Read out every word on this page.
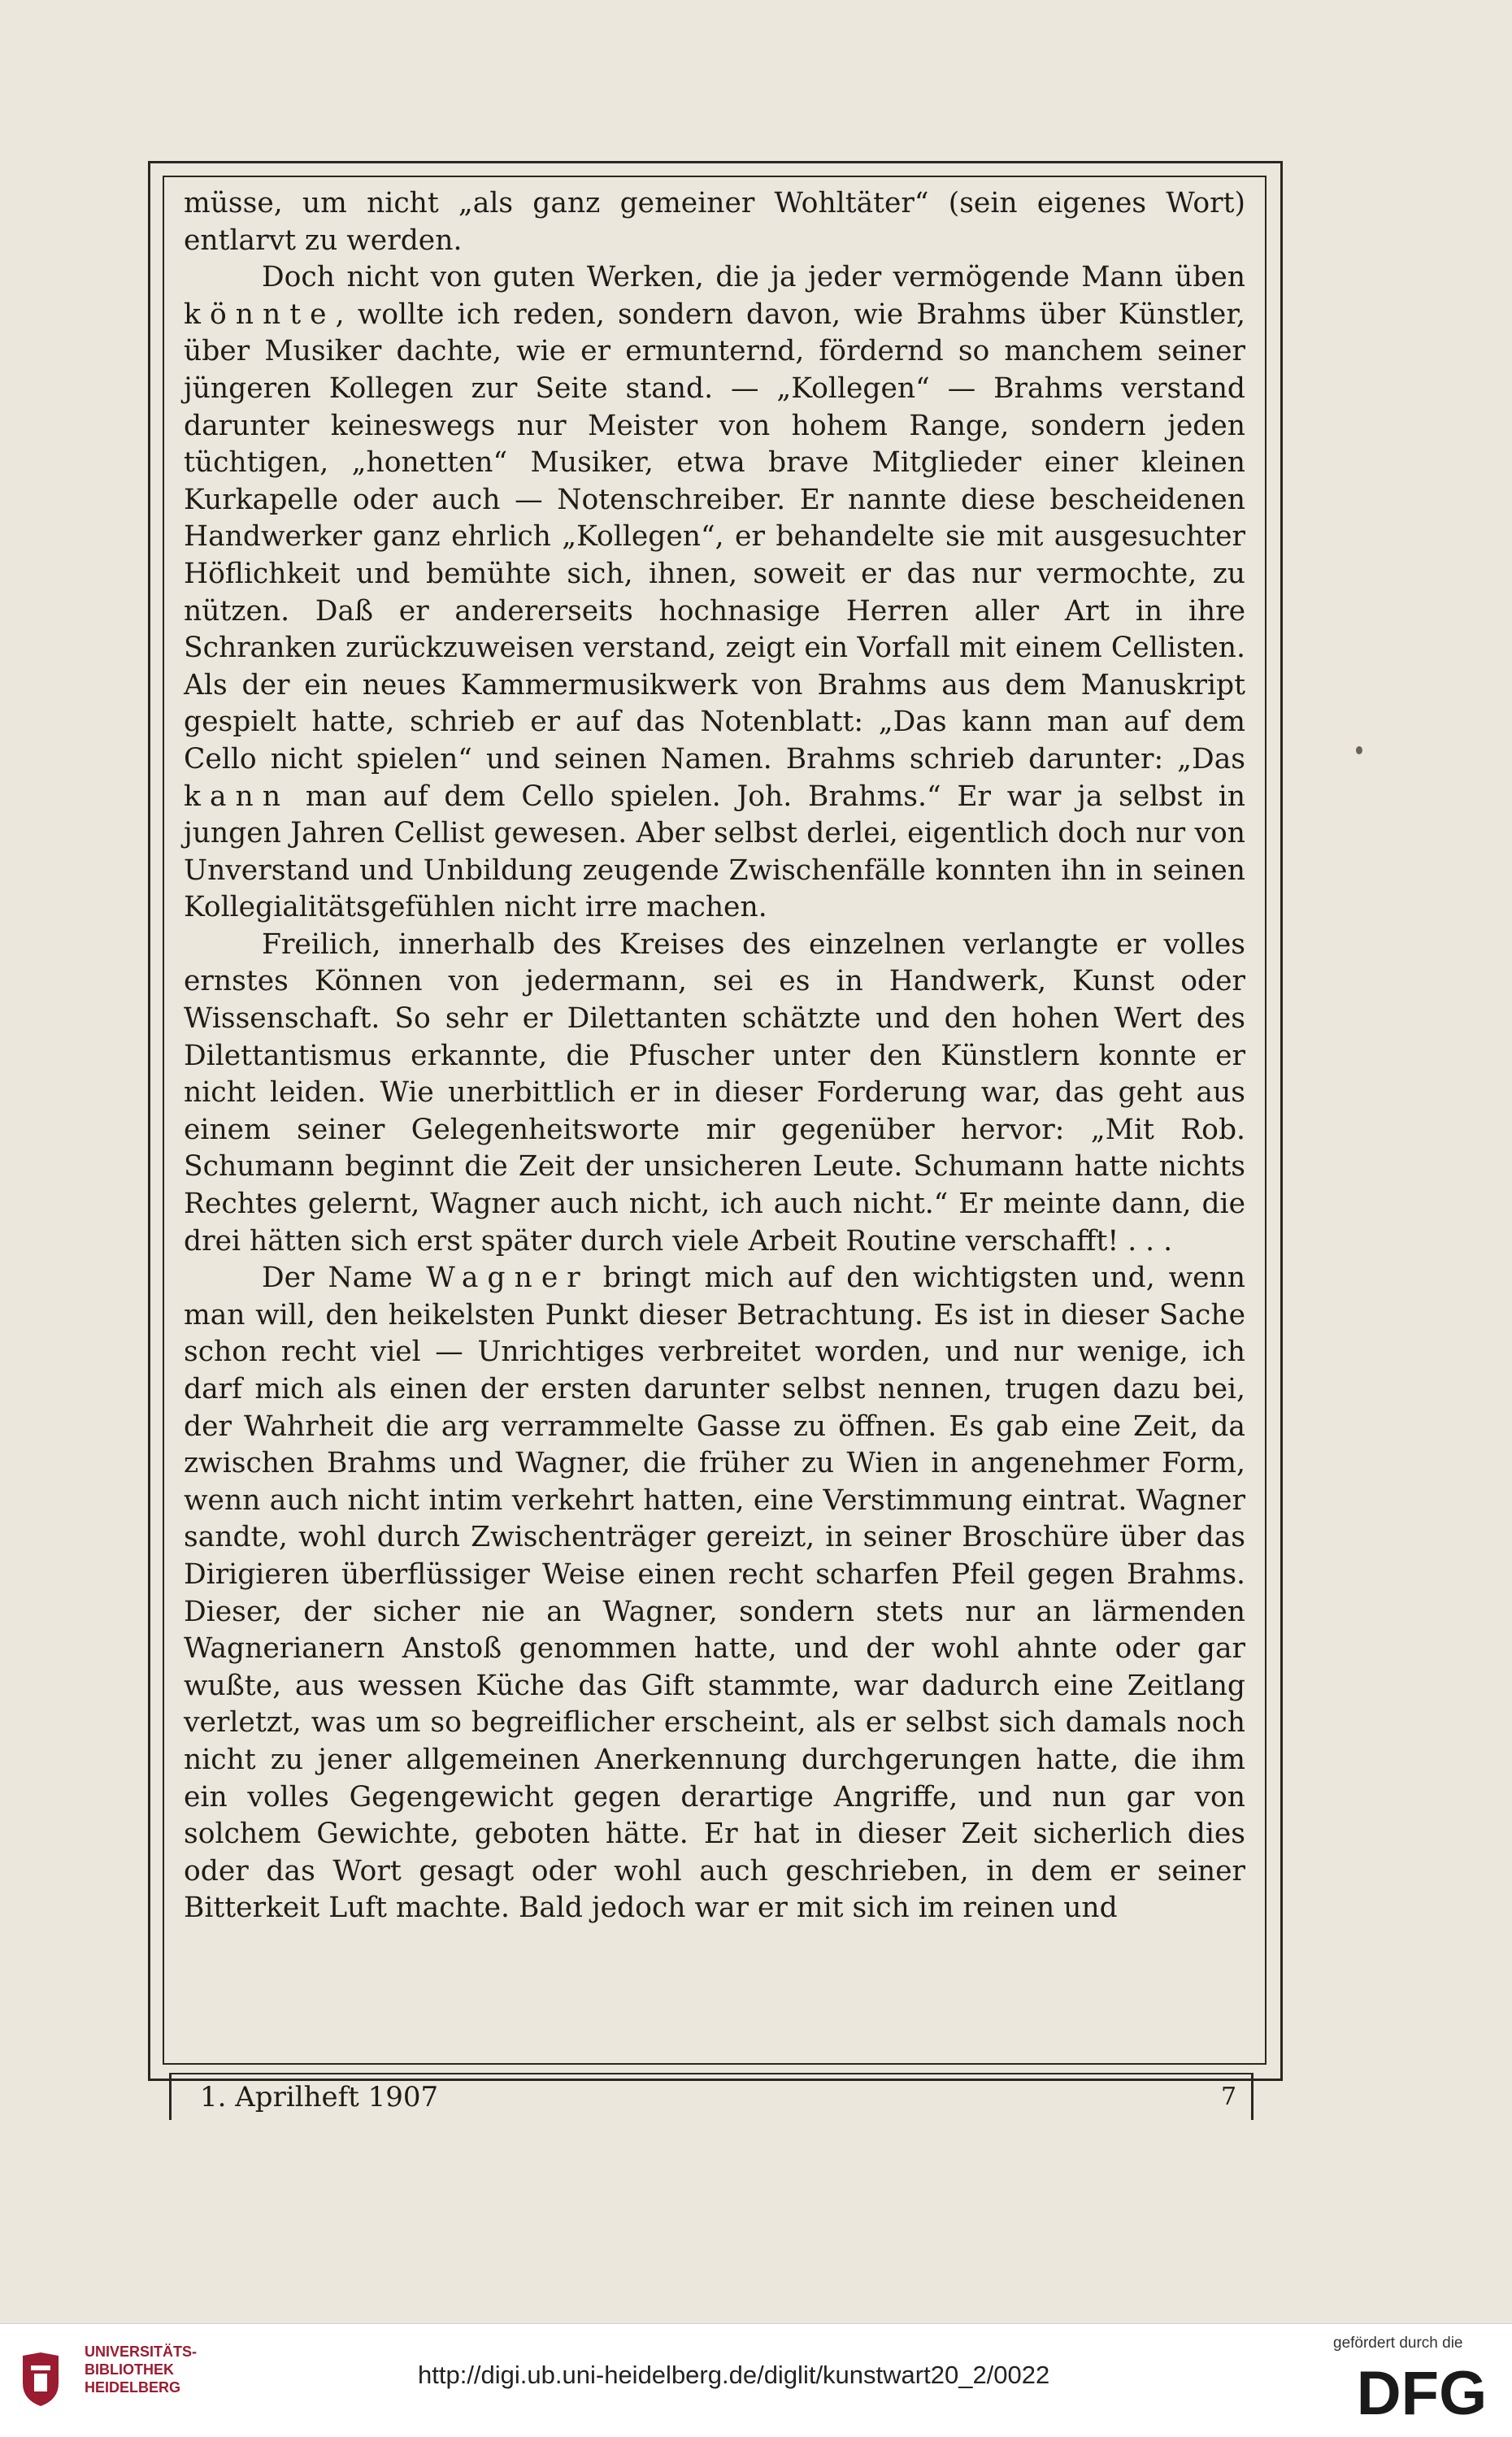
müsse, um nicht „als ganz gemeiner Wohltäter“ (sein eigenes Wort) entlarvt zu werden.

Doch nicht von guten Werken, die ja jeder vermögende Mann üben könnte, wollte ich reden, sondern davon, wie Brahms über Künstler, über Musiker dachte, wie er ermunternd, fördernd so manchem seiner jüngeren Kollegen zur Seite stand. — „Kollegen“ — Brahms verstand darunter keineswegs nur Meister von hohem Range, sondern jeden tüchtigen, „honetten“ Musiker, etwa brave Mitglieder einer kleinen Kurkapelle oder auch — Notenschreiber. Er nannte diese bescheidenen Handwerker ganz ehrlich „Kollegen“, er behandelte sie mit ausgesuchter Höflichkeit und bemühte sich, ihnen, soweit er das nur vermochte, zu nützen. Daß er andererseits hochnasige Herren aller Art in ihre Schranken zurückzuweisen verstand, zeigt ein Vorfall mit einem Cellisten. Als der ein neues Kammermusikwerk von Brahms aus dem Manuskript gespielt hatte, schrieb er auf das Notenblatt: „Das kann man auf dem Cello nicht spielen“ und seinen Namen. Brahms schrieb darunter: „Das kann man auf dem Cello spielen. Joh. Brahms.“ Er war ja selbst in jungen Jahren Cellist gewesen. Aber selbst derlei, eigentlich doch nur von Unverstand und Unbildung zeugende Zwischenfälle konnten ihn in seinen Kollegialitätsgefühlen nicht irre machen.

Freilich, innerhalb des Kreises des einzelnen verlangte er volles ernstes Können von jedermann, sei es in Handwerk, Kunst oder Wissenschaft. So sehr er Dilettanten schätzte und den hohen Wert des Dilettantismus erkannte, die Pfuscher unter den Künstlern konnte er nicht leiden. Wie unerbittlich er in dieser Forderung war, das geht aus einem seiner Gelegenheitsworte mir gegenüber hervor: „Mit Rob. Schumann beginnt die Zeit der unsicheren Leute. Schumann hatte nichts Rechtes gelernt, Wagner auch nicht, ich auch nicht.“ Er meinte dann, die drei hätten sich erst später durch viele Arbeit Routine verschafft! . . .

Der Name Wagner bringt mich auf den wichtigsten und, wenn man will, den heikelsten Punkt dieser Betrachtung. Es ist in dieser Sache schon recht viel — Unrichtiges verbreitet worden, und nur wenige, ich darf mich als einen der ersten darunter selbst nennen, trugen dazu bei, der Wahrheit die arg verrammelte Gasse zu öffnen. Es gab eine Zeit, da zwischen Brahms und Wagner, die früher zu Wien in angenehmer Form, wenn auch nicht intim verkehrt hatten, eine Verstimmung eintrat. Wagner sandte, wohl durch Zwischenträger gereizt, in seiner Broschüre über das Dirigieren überflüssiger Weise einen recht scharfen Pfeil gegen Brahms. Dieser, der sicher nie an Wagner, sondern stets nur an lärmenden Wagnerianern Anstoß genommen hatte, und der wohl ahnte oder gar wußte, aus wessen Küche das Gift stammte, war dadurch eine Zeitlang verletzt, was um so begreiflicher erscheint, als er selbst sich damals noch nicht zu jener allgemeinen Anerkennung durchgerungen hatte, die ihm ein volles Gegengewicht gegen derartige Angriffe, und nun gar von solchem Gewichte, geboten hätte. Er hat in dieser Zeit sicherlich dies oder das Wort gesagt oder wohl auch geschrieben, in dem er seiner Bitterkeit Luft machte. Bald jedoch war er mit sich im reinen und

1. Aprilheft 1907	7
UNIVERSITÄTS-
BIBLIOTHEK
HEIDELBERG	http://digi.ub.uni-heidelberg.de/diglit/kunstwart20_2/0022
gefördert durch die
DFG
